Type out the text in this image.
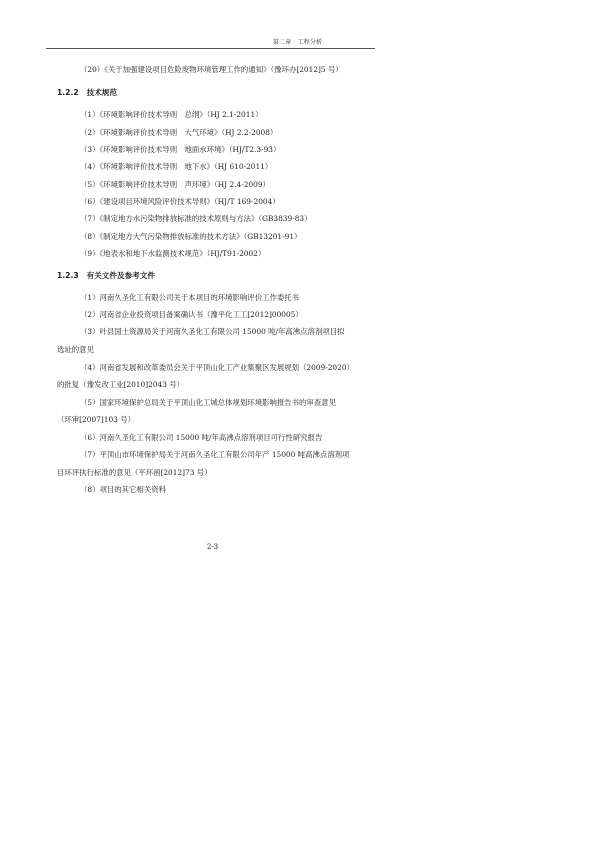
第二章　工程分析
（20）《关于加强建设项目危险废物环境管理工作的通知》（豫环办[2012]5 号）
1.2.2 技术规范
（1）《环境影响评价技术导则　总纲》（HJ 2.1-2011）
（2）《环境影响评价技术导则　大气环境》（HJ 2.2-2008）
（3）《环境影响评价技术导则　地面水环境》（HJ/T2.3-93）
（4）《环境影响评价技术导则　地下水》（HJ 610-2011）
（5）《环境影响评价技术导则　声环境》（HJ 2.4-2009）
（6）《建设项目环境风险评价技术导则》（HJ/T 169-2004）
（7）《制定地方水污染物排放标准的技术原则与方法》（GB3839-83）
（8）《制定地方大气污染物排放标准的技术方法》（GB13201-91）
（9）《地表水和地下水监测技术规范》（HJ/T91-2002）
1.2.3 有关文件及参考文件
（1）河南久圣化工有限公司关于本项目的环境影响评价工作委托书
（2）河南省企业投资项目备案确认书（豫平化工工[2012]00005）
（3）叶县国土资源局关于河南久圣化工有限公司 15000 吨/年高沸点溶剂项目拟
选址的意见
（4）河南省发展和改革委员会关于平顶山化工产业集聚区发展规划（2009-2020）
的批复（豫发改工业[2010]2043 号）
（5）国家环境保护总局关于平顶山化工城总体规划环境影响报告书的审查意见
（环审[2007]103 号）
（6）河南久圣化工有限公司 15000 吨/年高沸点溶剂项目可行性研究报告
（7）平顶山市环境保护局关于河南久圣化工有限公司年产 15000 吨高沸点溶剂项
目环评执行标准的意见（平环函[2012]73 号）
（8）项目的其它相关资料
2-3
